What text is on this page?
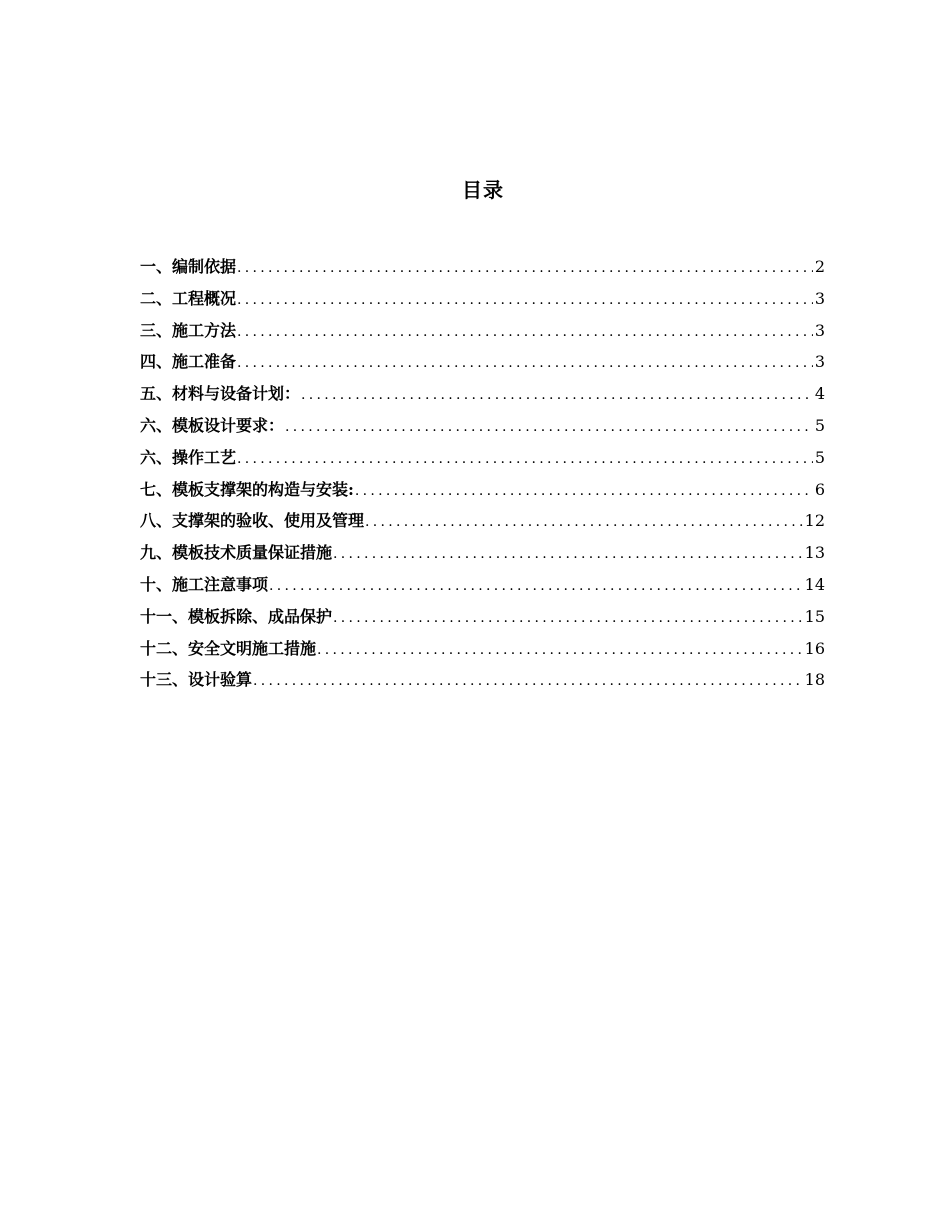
目录
一、编制依据 .....	2
二、工程概况 .....	3
三、施工方法 .....	3
四、施工准备 .....	3
五、材料与设备计划： .....	4
六、模板设计要求： .....	5
六、操作工艺 .....	5
七、模板支撑架的构造与安装: .....	6
八、支撑架的验收、使用及管理 .....	12
九、模板技术质量保证措施 .....	13
十、施工注意事项 .....	14
十一、模板拆除、成品保护 .....	15
十二、安全文明施工措施 .....	16
十三、设计验算 .....	18
